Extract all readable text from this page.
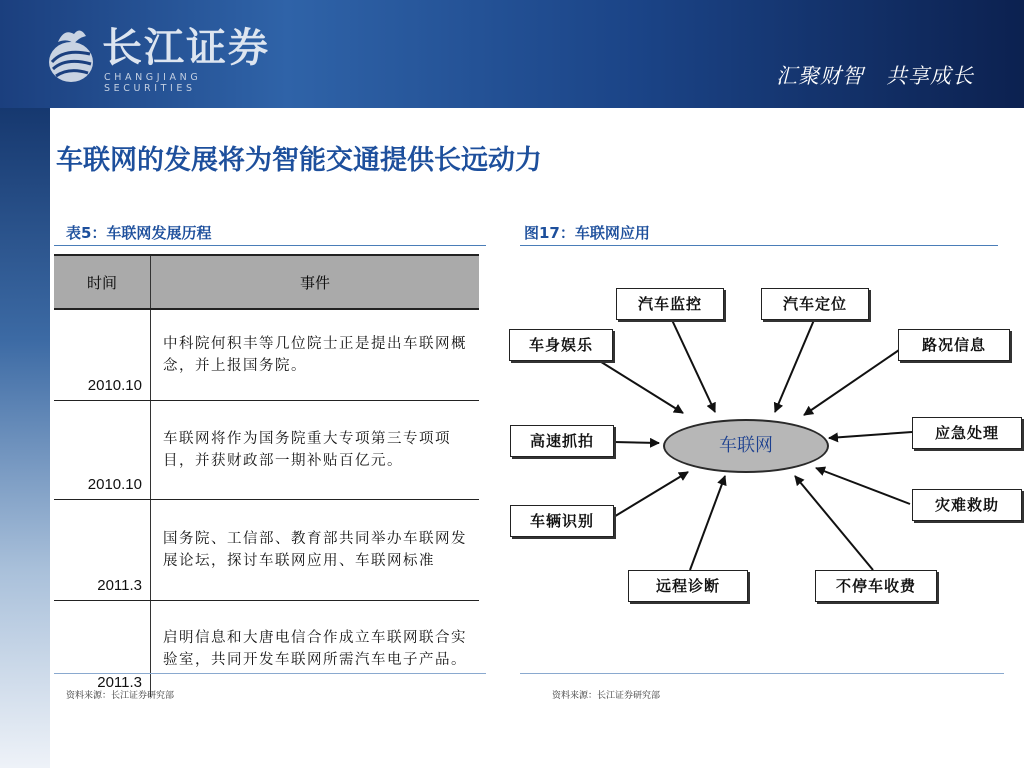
长江证券
CHANGJIANG SECURITIES
汇聚财智　共享成长
车联网的发展将为智能交通提供长远动力
表5：车联网发展历程
时间	事件
2010.10	中科院何积丰等几位院士正是提出车联网概念，并上报国务院。
2010.10	车联网将作为国务院重大专项第三专项项目，并获财政部一期补贴百亿元。
2011.3	国务院、工信部、教育部共同举办车联网发展论坛，探讨车联网应用、车联网标准
2011.3	启明信息和大唐电信合作成立车联网联合实验室，共同开发车联网所需汽车电子产品。
资料来源：长江证券研究部
图17：车联网应用
车联网
汽车监控	汽车定位
车身娱乐	路况信息
高速抓拍	应急处理
车辆识别
灾难救助
远程诊断	不停车收费
资料来源：长江证券研究部
